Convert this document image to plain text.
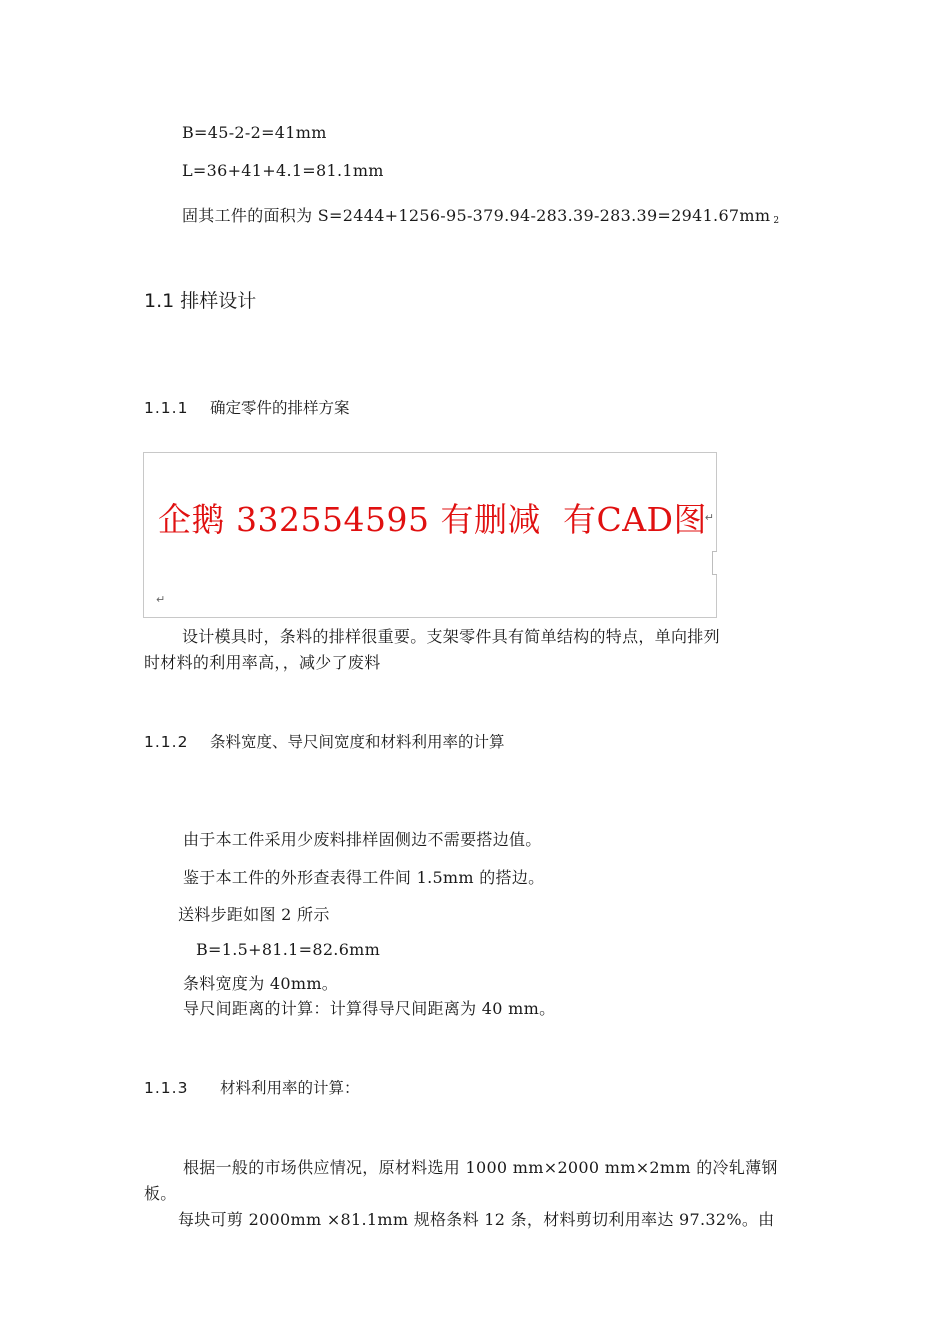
B=45-2-2=41mm
L=36+41+4.1=81.1mm
固其工件的面积为 S=2444+1256-95-379.94-283.39-283.39=2941.67mm $^2$
1.1 排样设计
1.1.1 确定零件的排样方案
企鹅 332554595 有删减 有CAD图
↵
↵
设计模具时，条料的排样很重要。支架零件具有简单结构的特点，单向排列
时材料的利用率高，，减少了废料
1.1.2 条料宽度、导尺间宽度和材料利用率的计算
由于本工件采用少废料排样固侧边不需要搭边值。
鉴于本工件的外形查表得工件间 1.5mm 的搭边。
送料步距如图 2 所示
B=1.5+81.1=82.6mm
条料宽度为 40mm。
导尺间距离的计算：计算得导尺间距离为 40 mm。
1.1.3 材料利用率的计算：
根据一般的市场供应情况，原材料选用 1000 mm×2000 mm×2mm 的冷轧薄钢
板。
每块可剪 2000mm ×81.1mm 规格条料 12 条，材料剪切利用率达 97.32%。由
